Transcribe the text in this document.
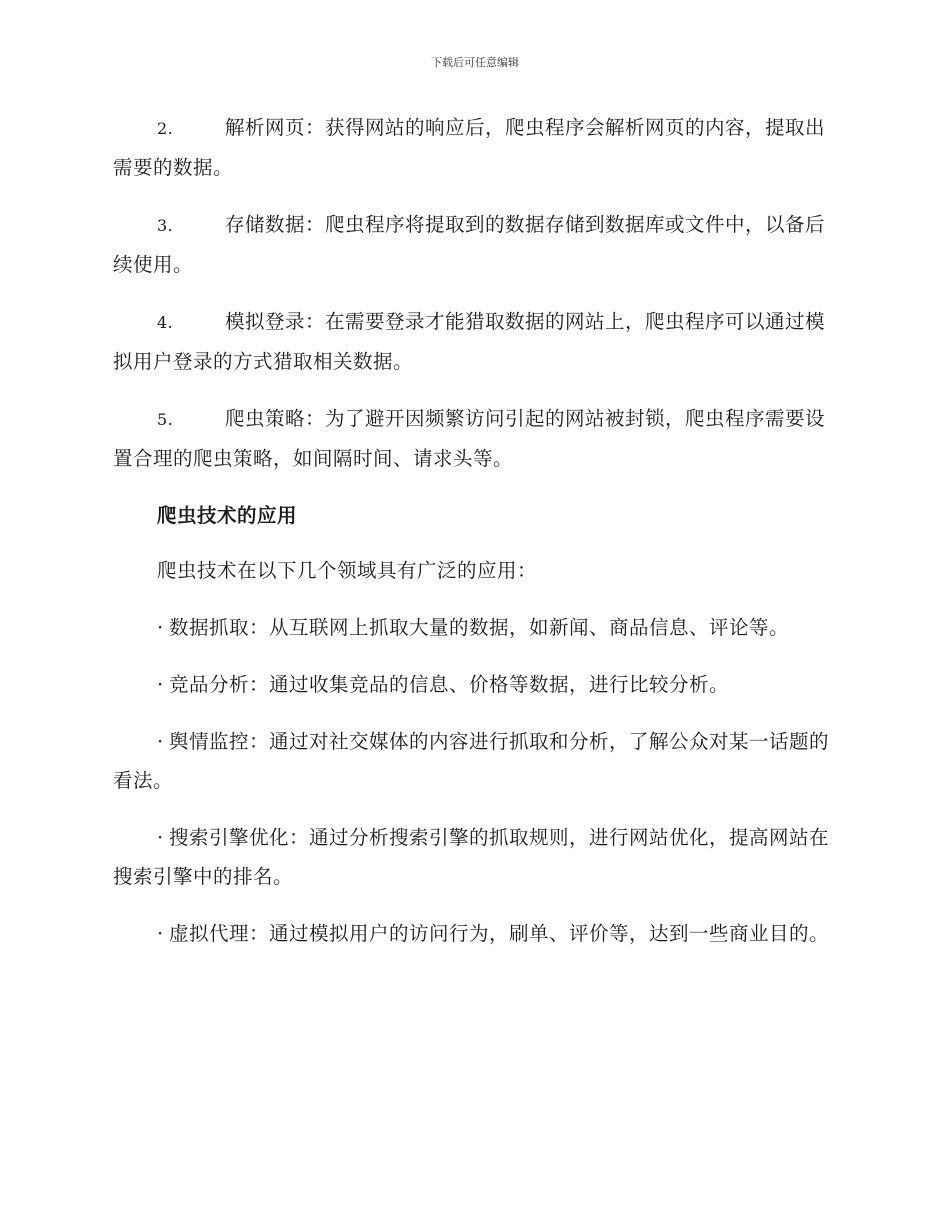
下载后可任意编辑

2.	解析网页：获得网站的响应后，爬虫程序会解析网页的内容，提取出需要的数据。

3.	存储数据：爬虫程序将提取到的数据存储到数据库或文件中，以备后续使用。

4.	模拟登录：在需要登录才能猎取数据的网站上，爬虫程序可以通过模拟用户登录的方式猎取相关数据。

5.	爬虫策略：为了避开因频繁访问引起的网站被封锁，爬虫程序需要设置合理的爬虫策略，如间隔时间、请求头等。

爬虫技术的应用

爬虫技术在以下几个领域具有广泛的应用：

· 数据抓取：从互联网上抓取大量的数据，如新闻、商品信息、评论等。

· 竞品分析：通过收集竞品的信息、价格等数据，进行比较分析。

· 舆情监控：通过对社交媒体的内容进行抓取和分析，了解公众对某一话题的看法。

· 搜索引擎优化：通过分析搜索引擎的抓取规则，进行网站优化，提高网站在搜索引擎中的排名。

· 虚拟代理：通过模拟用户的访问行为，刷单、评价等，达到一些商业目的。
